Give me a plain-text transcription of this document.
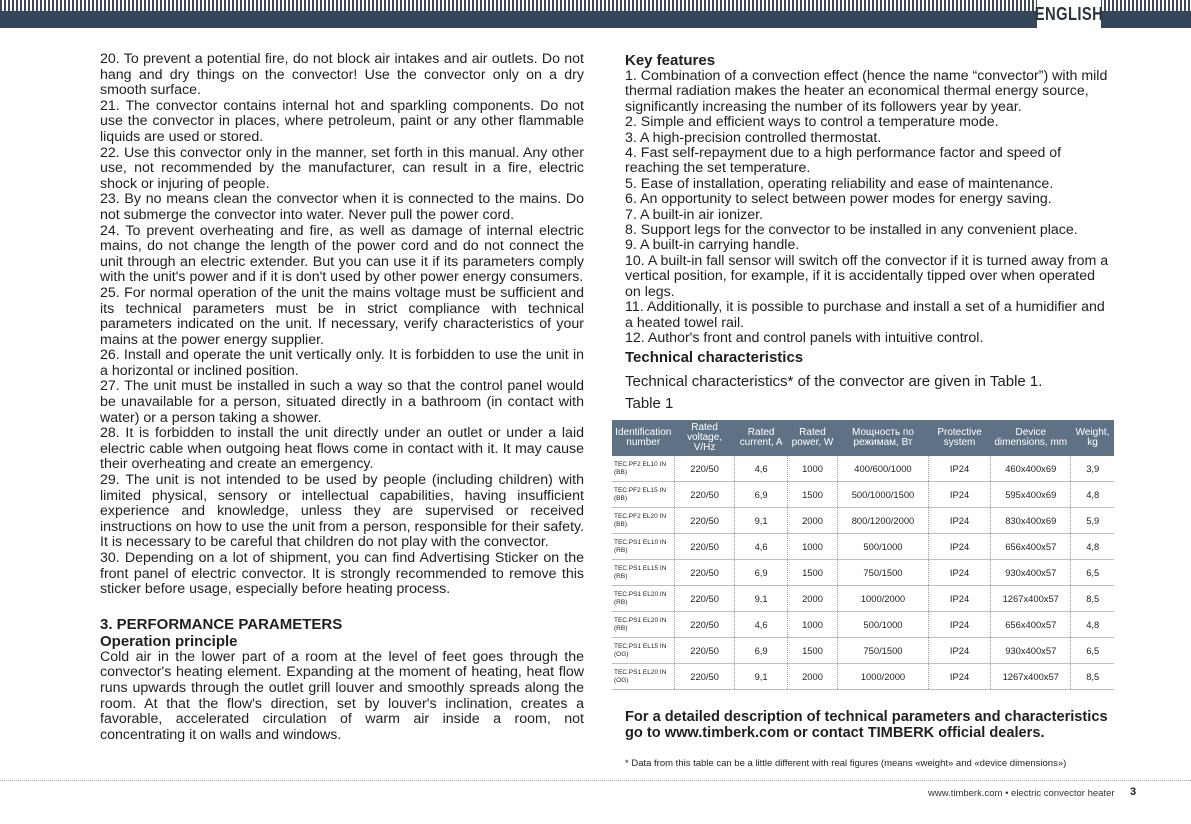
ENGLISH

20. To prevent a potential fire, do not block air intakes and air outlets. Do not hang and dry things on the convector! Use the convector only on a dry smooth surface.

21. The convector contains internal hot and sparkling components. Do not use the convector in places, where petroleum, paint or any other flammable liquids are used or stored.

22. Use this convector only in the manner, set forth in this manual. Any other use, not recommended by the manufacturer, can result in a fire, electric shock or injuring of people.

23. By no means clean the convector when it is connected to the mains. Do not submerge the convector into water. Never pull the power cord.

24. To prevent overheating and fire, as well as damage of internal electric mains, do not change the length of the power cord and do not connect the unit through an electric extender. But you can use it if its parameters comply with the unit's power and if it is don't used by other power energy consumers.

25. For normal operation of the unit the mains voltage must be sufficient and its technical parameters must be in strict compliance with technical parameters indicated on the unit. If necessary, verify characteristics of your mains at the power energy supplier.

26. Install and operate the unit vertically only. It is forbidden to use the unit in a horizontal or inclined position.

27. The unit must be installed in such a way so that the control panel would be unavailable for a person, situated directly in a bathroom (in contact with water) or a person taking a shower.

28. It is forbidden to install the unit directly under an outlet or under a laid electric cable when outgoing heat flows come in contact with it. It may cause their overheating and create an emergency.

29. The unit is not intended to be used by people (including children) with limited physical, sensory or intellectual capabilities, having insufficient experience and knowledge, unless they are supervised or received instructions on how to use the unit from a person, responsible for their safety. It is necessary to be careful that children do not play with the convector.

30. Depending on a lot of shipment, you can find Advertising Sticker on the front panel of electric convector. It is strongly recommended to remove this sticker before usage, especially before heating process.

3. PERFORMANCE PARAMETERS

Operation principle

Cold air in the lower part of a room at the level of feet goes through the convector's heating element. Expanding at the moment of heating, heat flow runs upwards through the outlet grill louver and smoothly spreads along the room. At that the flow's direction, set by louver's inclination, creates a favorable, accelerated circulation of warm air inside a room, not concentrating it on walls and windows.

Key features

1. Combination of a convection effect (hence the name “convector”) with mild thermal radiation makes the heater an economical thermal energy source, significantly increasing the number of its followers year by year.

2. Simple and efficient ways to control a temperature mode.

3. A high-precision controlled thermostat.

4. Fast self-repayment due to a high performance factor and speed of reaching the set temperature.

5. Ease of installation, operating reliability and ease of maintenance.

6. An opportunity to select between power modes for energy saving.

7. A built-in air ionizer.

8. Support legs for the convector to be installed in any convenient place.

9. A built-in carrying handle.

10. A built-in fall sensor will switch off the convector if it is turned away from a vertical position, for example, if it is accidentally tipped over when operated on legs.

11. Additionally, it is possible to purchase and install a set of a humidifier and a heated towel rail.

12. Author's front and control panels with intuitive control.

Technical characteristics

Technical characteristics* of the convector are given in Table 1.

Table 1

Identification number	Rated voltage, V/Hz	Rated current, A	Rated power, W	Мощность по режимам, Вт	Protective system	Device dimensions, mm	Weight, kg
TEC.PF2 EL10 IN (BB)	220/50	4,6	1000	400/600/1000	IP24	460x400x69	3,9
TEC.PF2 EL15 IN (BB)	220/50	6,9	1500	500/1000/1500	IP24	595x400x69	4,8
TEC.PF2 EL20 IN (BB)	220/50	9,1	2000	800/1200/2000	IP24	830x400x69	5,9
TEC.PS1 EL10 IN (RB)	220/50	4,6	1000	500/1000	IP24	656x400x57	4,8
TEC.PS1 EL15 IN (RB)	220/50	6,9	1500	750/1500	IP24	930x400x57	6,5
TEC.PS1 EL20 IN (RB)	220/50	9,1	2000	1000/2000	IP24	1267x400x57	8,5
TEC.PS1 EL20 IN (RB)	220/50	4,6	1000	500/1000	IP24	656x400x57	4,8
TEC.PS1 EL15 IN (OG)	220/50	6,9	1500	750/1500	IP24	930x400x57	6,5
TEC.PS1 EL20 IN (OG)	220/50	9,1	2000	1000/2000	IP24	1267x400x57	8,5
For a detailed description of technical parameters and characteristics go to www.timberk.com or contact TIMBERK official dealers.
* Data from this table can be a little different with real figures (means «weight» and «device dimensions»)
www.timberk.com • electric convector heater 3
